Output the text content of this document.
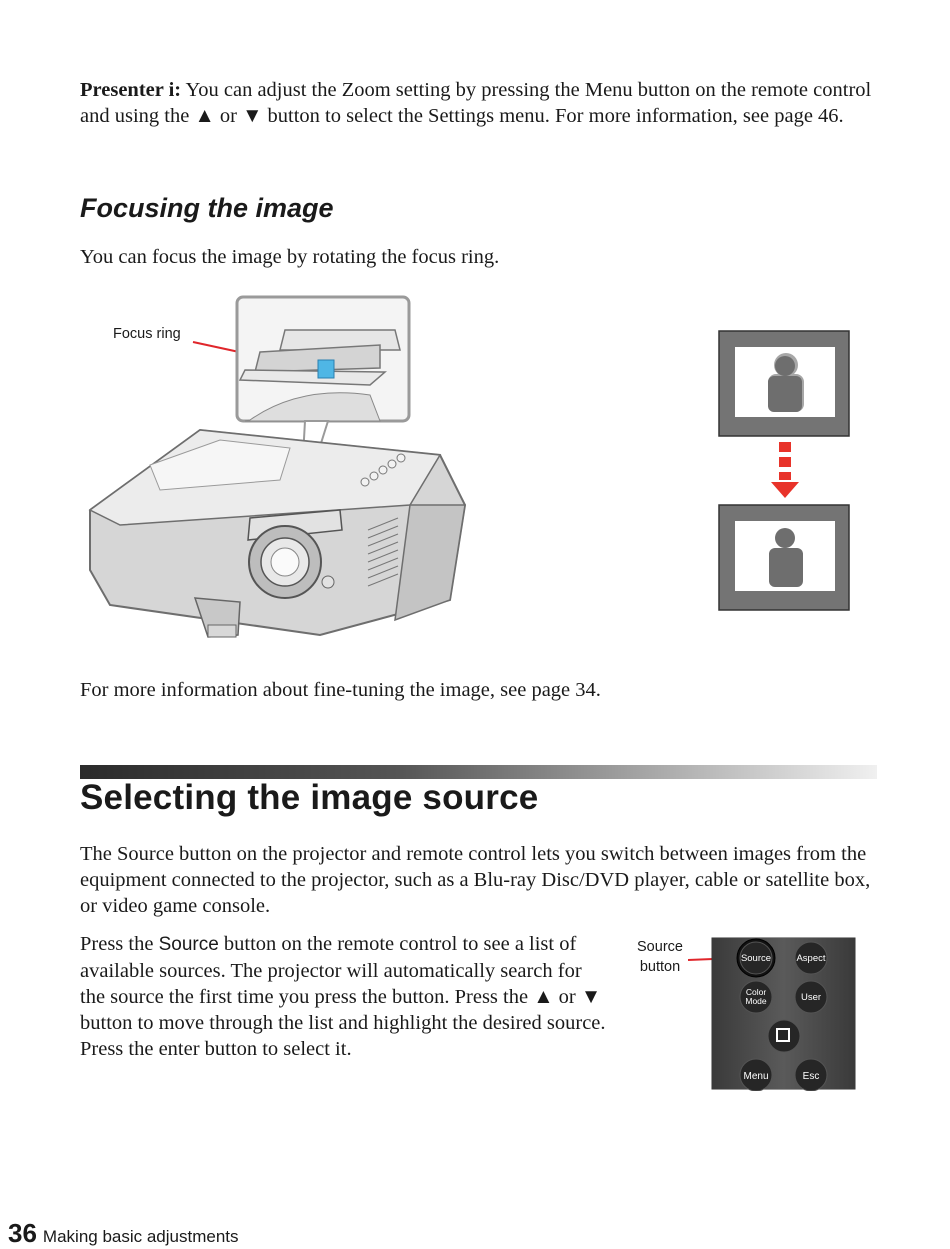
Presenter i: You can adjust the Zoom setting by pressing the Menu button on the remote control and using the ▲ or ▼ button to select the Settings menu. For more information, see page 46.

Focusing the image

You can focus the image by rotating the focus ring.

Focus ring

For more information about fine-tuning the image, see page 34.

Selecting the image source

The Source button on the projector and remote control lets you switch between images from the equipment connected to the projector, such as a Blu-ray Disc/DVD player, cable or satellite box, or video game console.

Press the Source button on the remote control to see a list of available sources. The projector will automatically search for the source the first time you press the button. Press the ▲ or ▼ button to move through the list and highlight the desired source. Press the enter button to select it.

Source
button
Source	Aspect
Color
Mode	User
Menu	Esc
36 Making basic adjustments
